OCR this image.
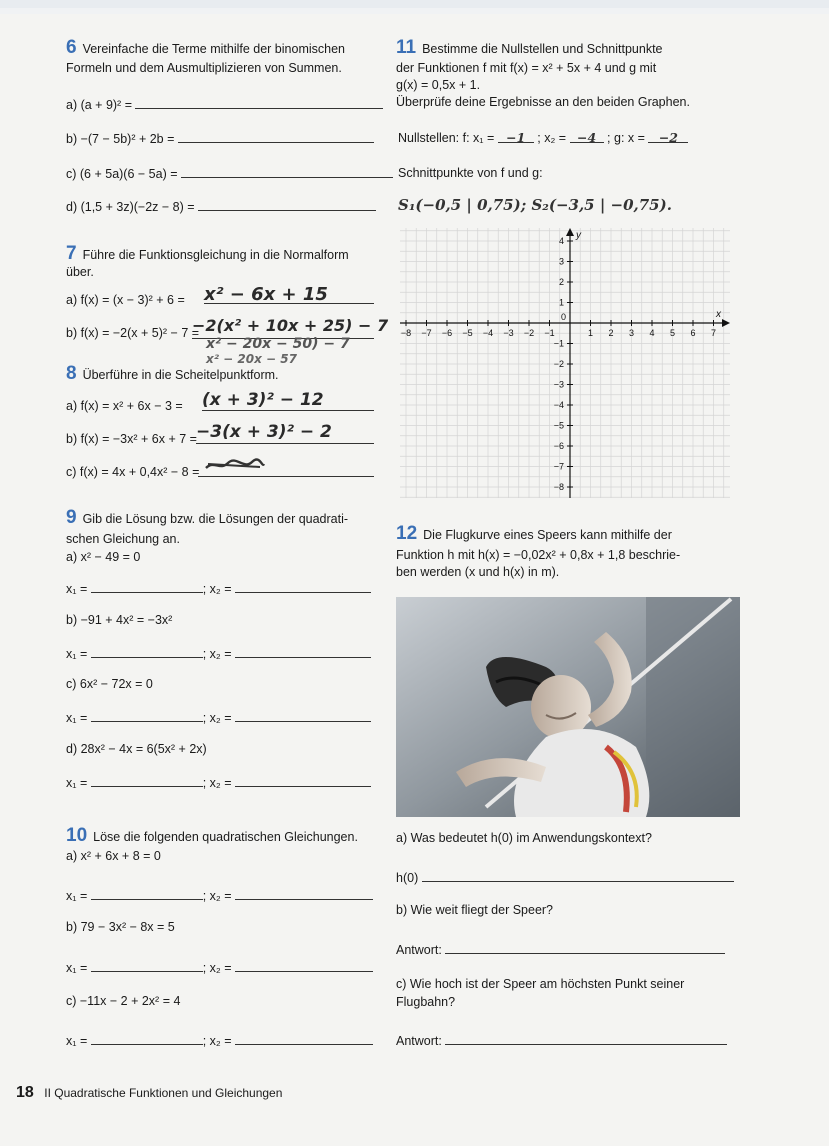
6 Vereinfache die Terme mithilfe der binomischen
Formeln und dem Ausmultiplizieren von Summen.
a) (a + 9)² =
b) −(7 − 5b)² + 2b =
c) (6 + 5a)(6 − 5a) =
d) (1,5 + 3z)(−2z − 8) =
11 Bestimme die Nullstellen und Schnittpunkte
der Funktionen f mit f(x) = x² + 5x + 4 und g mit
g(x) = 0,5x + 1.
Überprüfe deine Ergebnisse an den beiden Graphen.
Nullstellen: f: x₁ = −1 ; x₂ = −4 ; g: x = −2
Schnittpunkte von f und g:
S₁(−0,5 | 0,75); S₂(−3,5 | −0,75).
7 Führe die Funktionsgleichung in die Normalform
über.
a) f(x) = (x − 3)² + 6 = x² − 6x + 15
b) f(x) = −2(x + 5)² − 7 =
−2(x² + 10x + 25) − 7
x² − 20x − 50) − 7
x² − 20x − 57
8 Überführe in die Scheitelpunktform.
a) f(x) = x² + 6x − 3 = (x + 3)² − 12
b) f(x) = −3x² + 6x + 7 = −3(x + 3)² − 2
c) f(x) = 4x + 0,4x² − 8 =
−8 −7 −6 −5 −4 −3 −2 −1	1 2 3 4 5 6 7
4
3
2
1
−1
−2
−3
−4
−5
−6
−7
−8
0	x
y
9 Gib die Lösung bzw. die Lösungen der quadrati-
schen Gleichung an.
a) x² − 49 = 0
x₁ =	; x₂ =
b) −91 + 4x² = −3x²
x₁ =	; x₂ =
c) 6x² − 72x = 0
x₁ =	; x₂ =
d) 28x² − 4x = 6(5x² + 2x)
x₁ =	; x₂ =
12 Die Flugkurve eines Speers kann mithilfe der
Funktion h mit h(x) = −0,02x² + 0,8x + 1,8 beschrie-
ben werden (x und h(x) in m).
10 Löse die folgenden quadratischen Gleichungen.
a) x² + 6x + 8 = 0
x₁ =	; x₂ =
b) 79 − 3x² − 8x = 5
x₁ =	; x₂ =
c) −11x − 2 + 2x² = 4
x₁ =	; x₂ =
a) Was bedeutet h(0) im Anwendungskontext?
h(0)
b) Wie weit fliegt der Speer?
Antwort:
c) Wie hoch ist der Speer am höchsten Punkt seiner
Flugbahn?
Antwort:
18 II Quadratische Funktionen und Gleichungen
